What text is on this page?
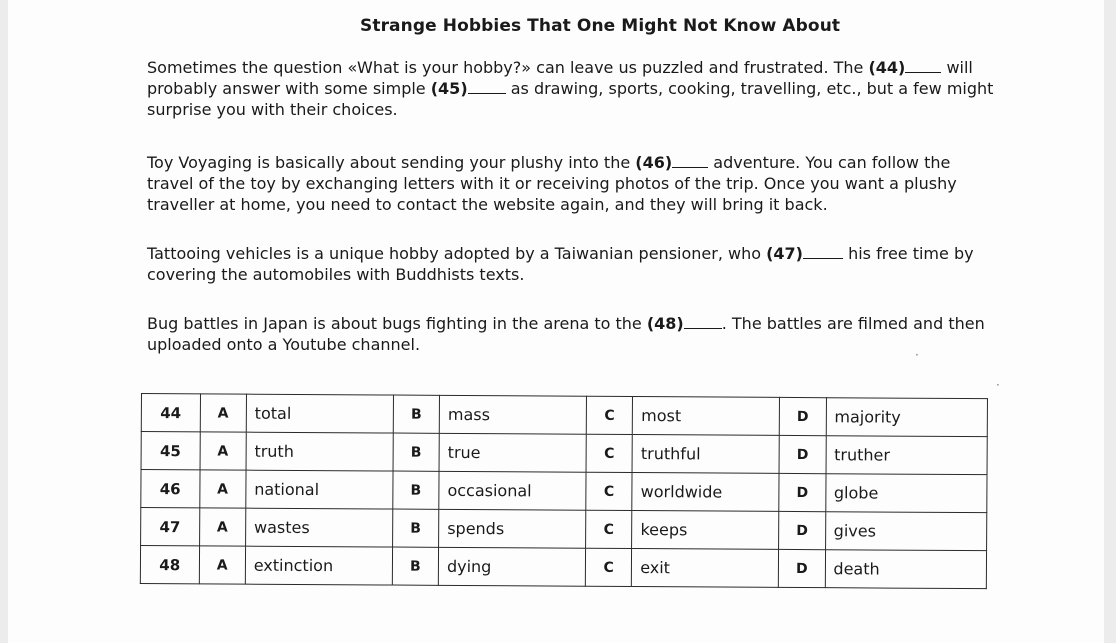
Strange Hobbies That One Might Not Know About
Sometimes the question «What is your hobby?» can leave us puzzled and frustrated. The (44) will probably answer with some simple (45) as drawing, sports, cooking, travelling, etc., but a few might surprise you with their choices.
Toy Voyaging is basically about sending your plushy into the (46) adventure. You can follow the travel of the toy by exchanging letters with it or receiving photos of the trip. Once you want a plushy traveller at home, you need to contact the website again, and they will bring it back.
Tattooing vehicles is a unique hobby adopted by a Taiwanian pensioner, who (47)	his free time by covering the automobiles with Buddhists texts.
Bug battles in Japan is about bugs fighting in the arena to the (48) . The battles are filmed and then uploaded onto a Youtube channel.
44	A	total	B	mass	C	most	D	majority
45	A	truth	B	true	C	truthful	D	truther
46	A	national	B	occasional	C	worldwide	D	globe
47	A	wastes	B	spends	C	keeps	D	gives
48	A	extinction	B	dying	C	exit	D	death
·
·
